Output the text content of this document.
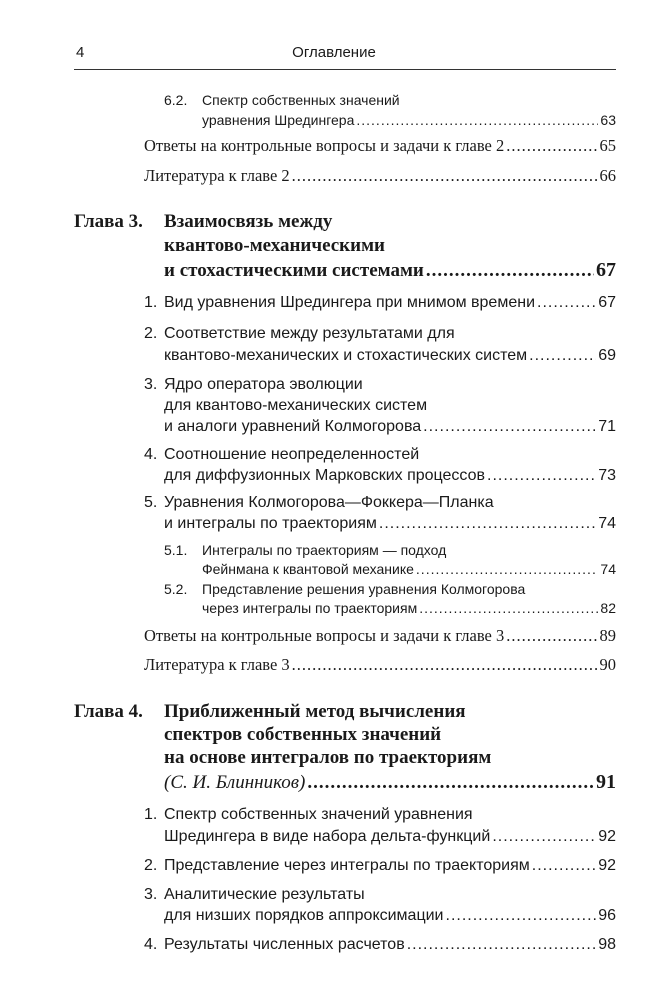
4	Оглавление
6.2. Спектр собственных значений
уравнения Шредингера .....	63
Ответы на контрольные вопросы и задачи к главе 2 .....	65
Литература к главе 2 .....	66
Глава 3. Взаимосвязь между
квантово-механическими
и стохастическими системами .....	67
1. Вид уравнения Шредингера при мнимом времени .....	67
2. Соответствие между результатами для
квантово-механических и стохастических систем .....	69
3. Ядро оператора эволюции
для квантово-механических систем
и аналоги уравнений Колмогорова .....	71
4. Соотношение неопределенностей
для диффузионных Марковских процессов .....	73
5. Уравнения Колмогорова—Фоккера—Планка
и интегралы по траекториям .....	74
5.1. Интегралы по траекториям — подход
Фейнмана к квантовой механике .....	74
5.2. Представление решения уравнения Колмогорова
через интегралы по траекториям .....	82
Ответы на контрольные вопросы и задачи к главе 3 .....	89
Литература к главе 3 .....	90
Глава 4. Приближенный метод вычисления
спектров собственных значений
на основе интегралов по траекториям
(С. И. Блинников) .....	91
1. Спектр собственных значений уравнения
Шредингера в виде набора дельта-функций .....	92
2. Представление через интегралы по траекториям .....	92
3. Аналитические результаты
для низших порядков аппроксимации .....	96
4. Результаты численных расчетов .....	98
